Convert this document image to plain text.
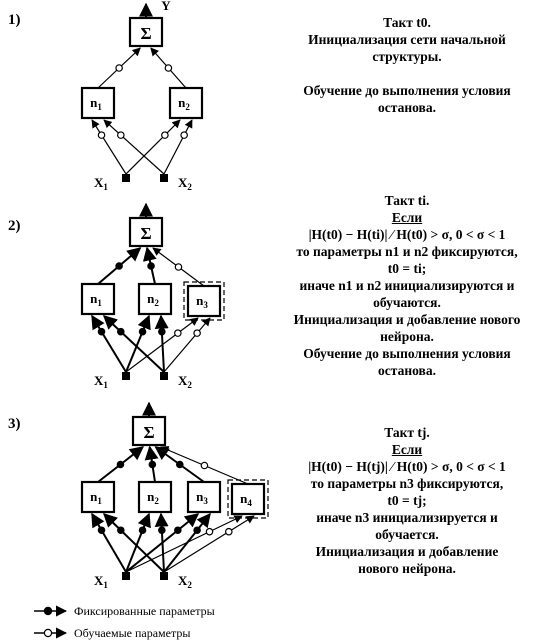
Y
Σ
$X_1$	$X_2$
$n_1$	$n_2$
Σ
$X_1$	$X_2$
$n_1$	$n_2$	$n_3$
Σ
$X_1$	$X_2$
$n_1$	$n_2$	$n_3$ $n_4$
Фиксированные параметры
Обучаемые параметры
1)
2)
3)
Такт t0.
Инициализация сети начальной
структуры.
Обучение до выполнения условия
останова.
Такт ti.
Если
|H(t0) − H(ti)| ⁄ H(t0) > σ, 0 < σ < 1
то параметры n1 и n2 фиксируются,
t0 = ti;
иначе n1 и n2 инициализируются и
обучаются.
Инициализация и добавление нового
нейрона.
Обучение до выполнения условия
останова.
Такт tj.
Если
|H(t0) − H(tj)| ⁄ H(t0) > σ, 0 < σ < 1
то параметры n3 фиксируются,
t0 = tj;
иначе n3 инициализируется и
обучается.
Инициализация и добавление
нового нейрона.
